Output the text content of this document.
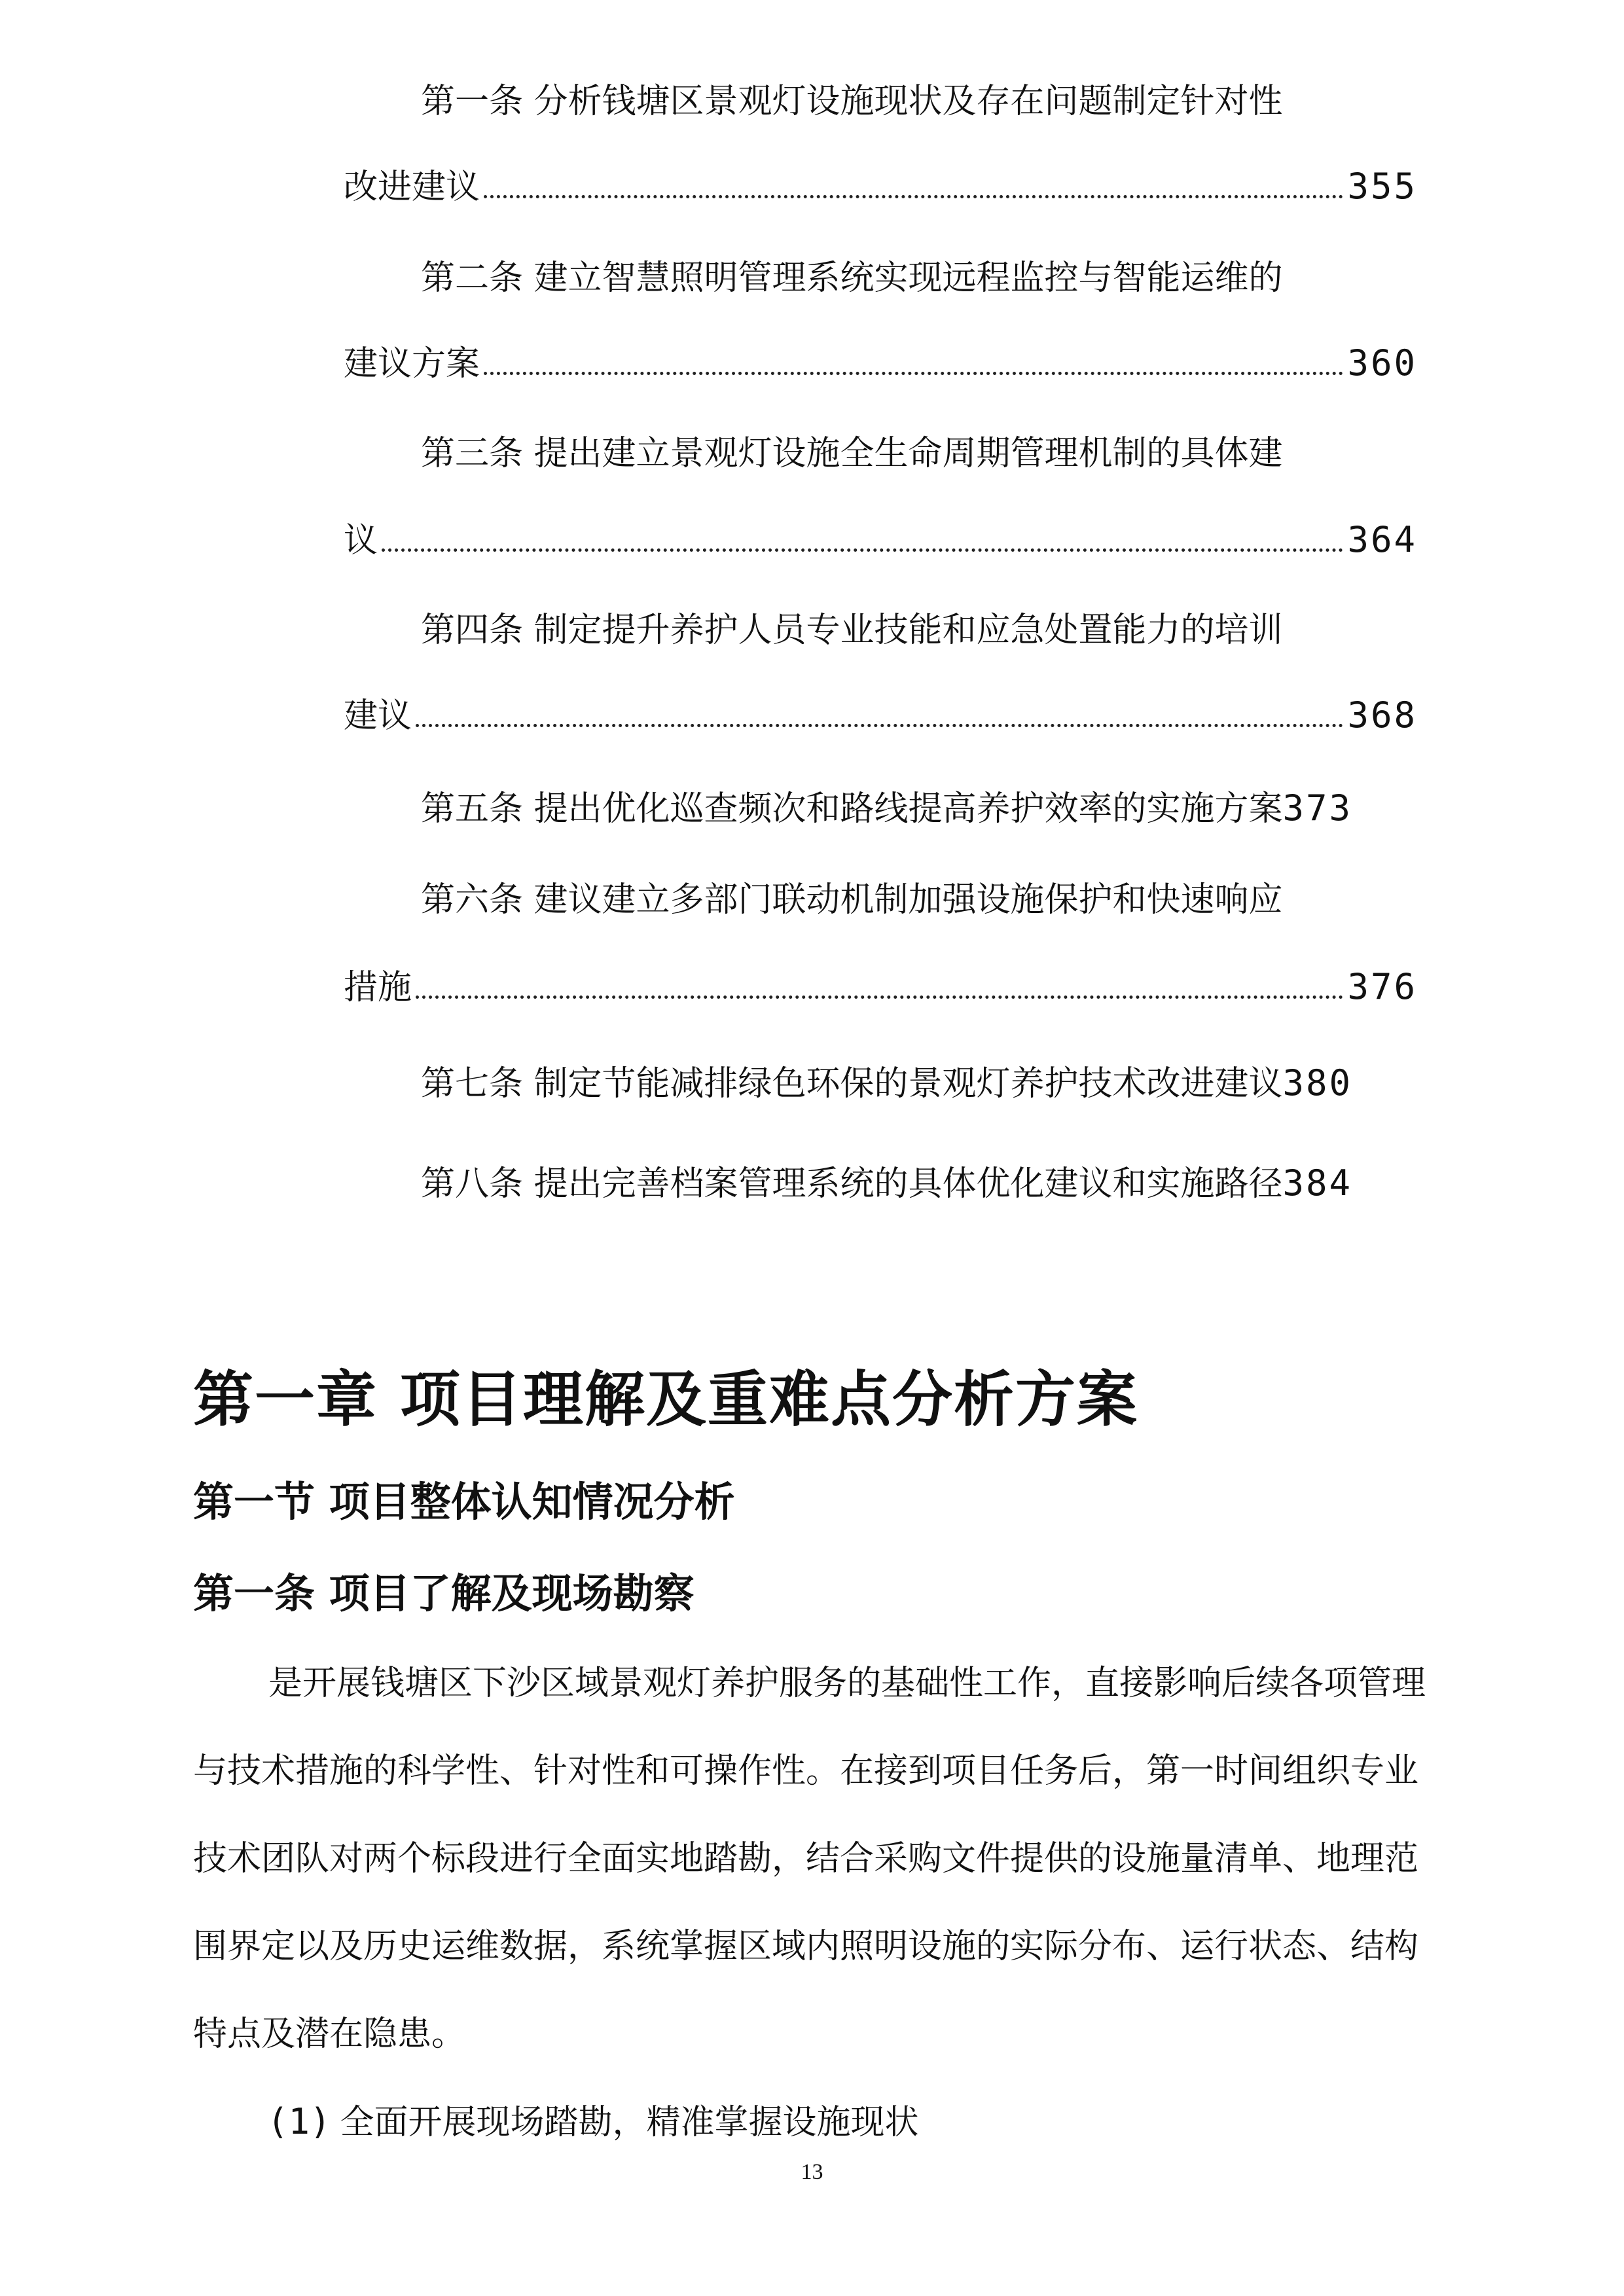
第一条 分析钱塘区景观灯设施现状及存在问题制定针对性
改进建议	355
第二条 建立智慧照明管理系统实现远程监控与智能运维的
建议方案	360
第三条 提出建立景观灯设施全生命周期管理机制的具体建
议	364
第四条 制定提升养护人员专业技能和应急处置能力的培训
建议	368
第五条 提出优化巡查频次和路线提高养护效率的实施方案373
第六条 建议建立多部门联动机制加强设施保护和快速响应
措施	376
第七条 制定节能减排绿色环保的景观灯养护技术改进建议380
第八条 提出完善档案管理系统的具体优化建议和实施路径384
第一章 项目理解及重难点分析方案
第一节 项目整体认知情况分析
第一条 项目了解及现场勘察

是开展钱塘区下沙区域景观灯养护服务的基础性工作，直接影响后续各项管理与技术措施的科学性、针对性和可操作性。在接到项目任务后，第一时间组织专业技术团队对两个标段进行全面实地踏勘，结合采购文件提供的设施量清单、地理范围界定以及历史运维数据，系统掌握区域内照明设施的实际分布、运行状态、结构特点及潜在隐患。

(1) 全面开展现场踏勘，精准掌握设施现状
13
